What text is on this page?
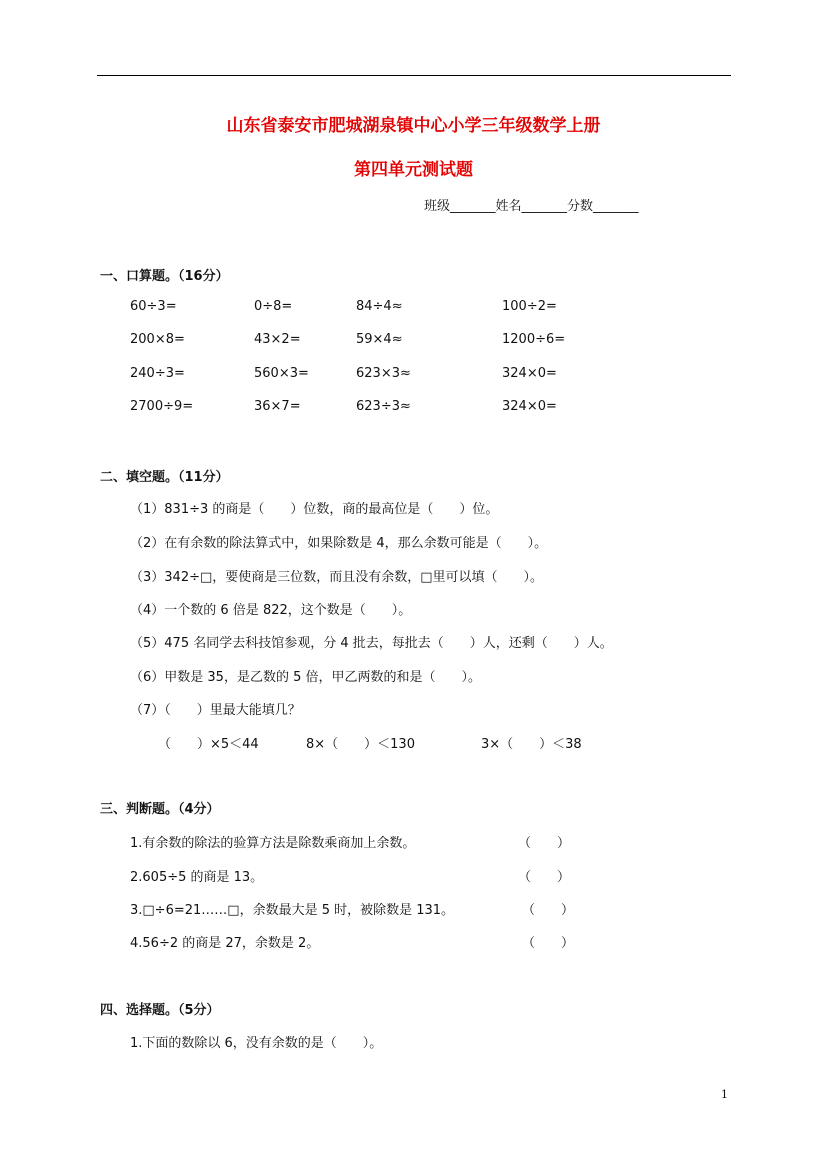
山东省泰安市肥城湖泉镇中心小学三年级数学上册
第四单元测试题
班级_______姓名_______分数_______
一、口算题。（16分）
60÷3=	0÷8=	84÷4≈	100÷2=
200×8=	43×2=	59×4≈	1200÷6=
240÷3=	560×3=	623×3≈	324×0=
2700÷9=	36×7=	623÷3≈	324×0=
二、填空题。（11分）
（1）831÷3 的商是（　　）位数，商的最高位是（　　）位。
（2）在有余数的除法算式中，如果除数是 4，那么余数可能是（　　）。
（3）342÷□，要使商是三位数，而且没有余数，□里可以填（　　）。
（4）一个数的 6 倍是 822，这个数是（　　）。
（5）475 名同学去科技馆参观，分 4 批去，每批去（　　）人，还剩（　　）人。
（6）甲数是 35，是乙数的 5 倍，甲乙两数的和是（　　）。
（7）（　　）里最大能填几？
（　　）×5＜44	8×（　　）＜130	3×（　　）＜38
三、判断题。（4分）
1.有余数的除法的验算方法是除数乘商加上余数。	（　　）
2.605÷5 的商是 13。	（　　）
3.□÷6=21……□，余数最大是 5 时，被除数是 131。	（　　）
4.56÷2 的商是 27，余数是 2。	（　　）
四、选择题。（5分）
1.下面的数除以 6，没有余数的是（　　）。
1
